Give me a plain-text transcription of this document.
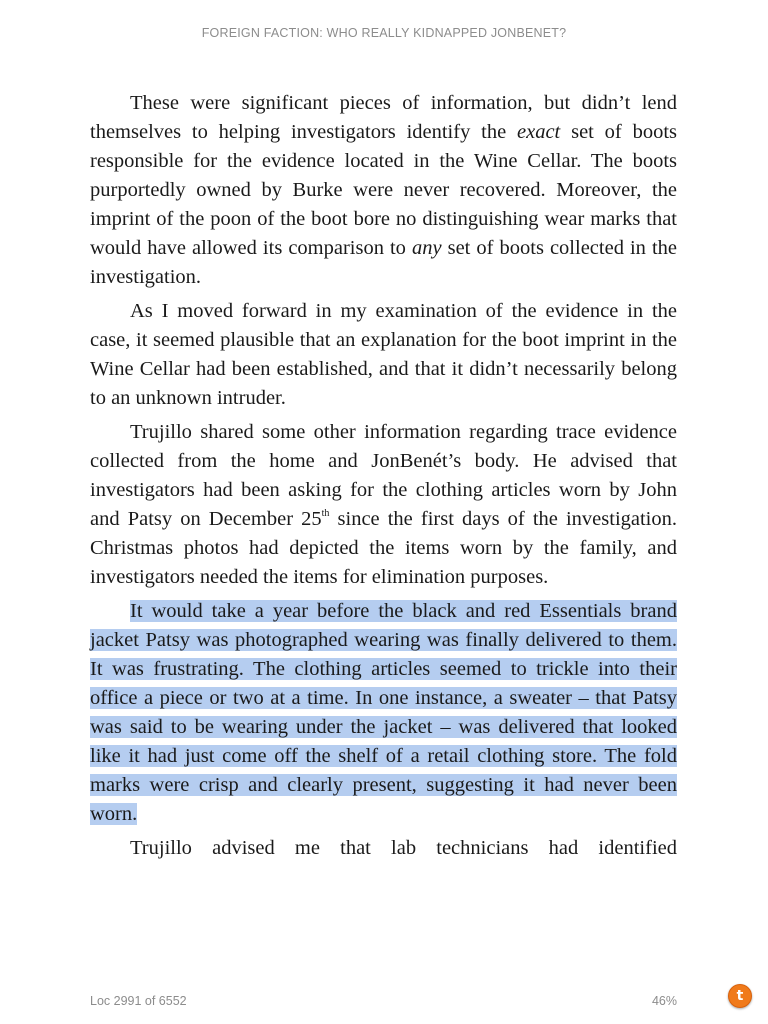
FOREIGN FACTION: WHO REALLY KIDNAPPED JONBENET?

These were significant pieces of information, but didn’t lend themselves to helping investigators identify the exact set of boots responsible for the evidence located in the Wine Cellar. The boots purportedly owned by Burke were never recovered. Moreover, the imprint of the poon of the boot bore no distinguishing wear marks that would have allowed its comparison to any set of boots collected in the investigation.

As I moved forward in my examination of the evidence in the case, it seemed plausible that an explanation for the boot imprint in the Wine Cellar had been established, and that it didn’t necessarily belong to an unknown intruder.

Trujillo shared some other information regarding trace evidence collected from the home and JonBenét’s body. He advised that investigators had been asking for the clothing articles worn by John and Patsy on December 25th since the first days of the investigation. Christmas photos had depicted the items worn by the family, and investigators needed the items for elimination purposes.

It would take a year before the black and red Essentials brand jacket Patsy was photographed wearing was finally delivered to them. It was frustrating. The clothing articles seemed to trickle into their office a piece or two at a time. In one instance, a sweater – that Patsy was said to be wearing under the jacket – was delivered that looked like it had just come off the shelf of a retail clothing store. The fold marks were crisp and clearly present, suggesting it had never been worn.

Trujillo advised me that lab technicians had identified

Loc 2991 of 6552	46%	t
